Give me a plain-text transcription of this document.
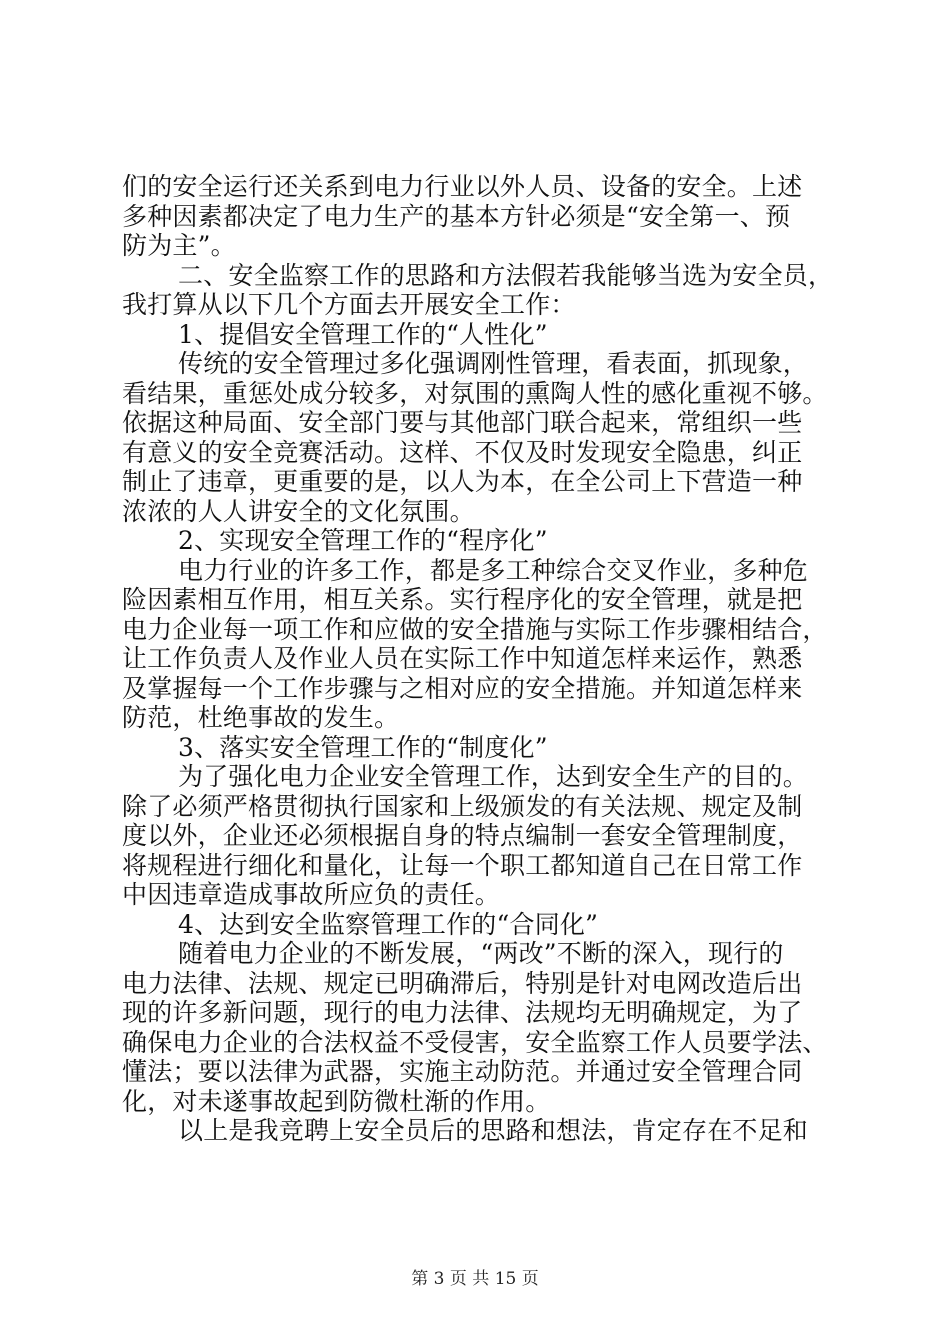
们的安全运行还关系到电力行业以外人员、设备的安全。上述
多种因素都决定了电力生产的基本方针必须是“安全第一、预
防为主”。
二、安全监察工作的思路和方法假若我能够当选为安全员，
我打算从以下几个方面去开展安全工作：
1、提倡安全管理工作的“人性化”
传统的安全管理过多化强调刚性管理，看表面，抓现象，
看结果，重惩处成分较多，对氛围的熏陶人性的感化重视不够。
依据这种局面、安全部门要与其他部门联合起来，常组织一些
有意义的安全竞赛活动。这样、不仅及时发现安全隐患，纠正
制止了违章，更重要的是，以人为本，在全公司上下营造一种
浓浓的人人讲安全的文化氛围。
2、实现安全管理工作的“程序化”
电力行业的许多工作，都是多工种综合交叉作业，多种危
险因素相互作用，相互关系。实行程序化的安全管理，就是把
电力企业每一项工作和应做的安全措施与实际工作步骤相结合，
让工作负责人及作业人员在实际工作中知道怎样来运作，熟悉
及掌握每一个工作步骤与之相对应的安全措施。并知道怎样来
防范，杜绝事故的发生。
3、落实安全管理工作的“制度化”
为了强化电力企业安全管理工作，达到安全生产的目的。
除了必须严格贯彻执行国家和上级颁发的有关法规、规定及制
度以外，企业还必须根据自身的特点编制一套安全管理制度，
将规程进行细化和量化，让每一个职工都知道自己在日常工作
中因违章造成事故所应负的责任。
4、达到安全监察管理工作的“合同化”
随着电力企业的不断发展，“两改”不断的深入，现行的
电力法律、法规、规定已明确滞后，特别是针对电网改造后出
现的许多新问题，现行的电力法律、法规均无明确规定，为了
确保电力企业的合法权益不受侵害，安全监察工作人员要学法、
懂法；要以法律为武器，实施主动防范。并通过安全管理合同
化，对未遂事故起到防微杜渐的作用。
以上是我竞聘上安全员后的思路和想法，肯定存在不足和
第 3 页 共 15 页
